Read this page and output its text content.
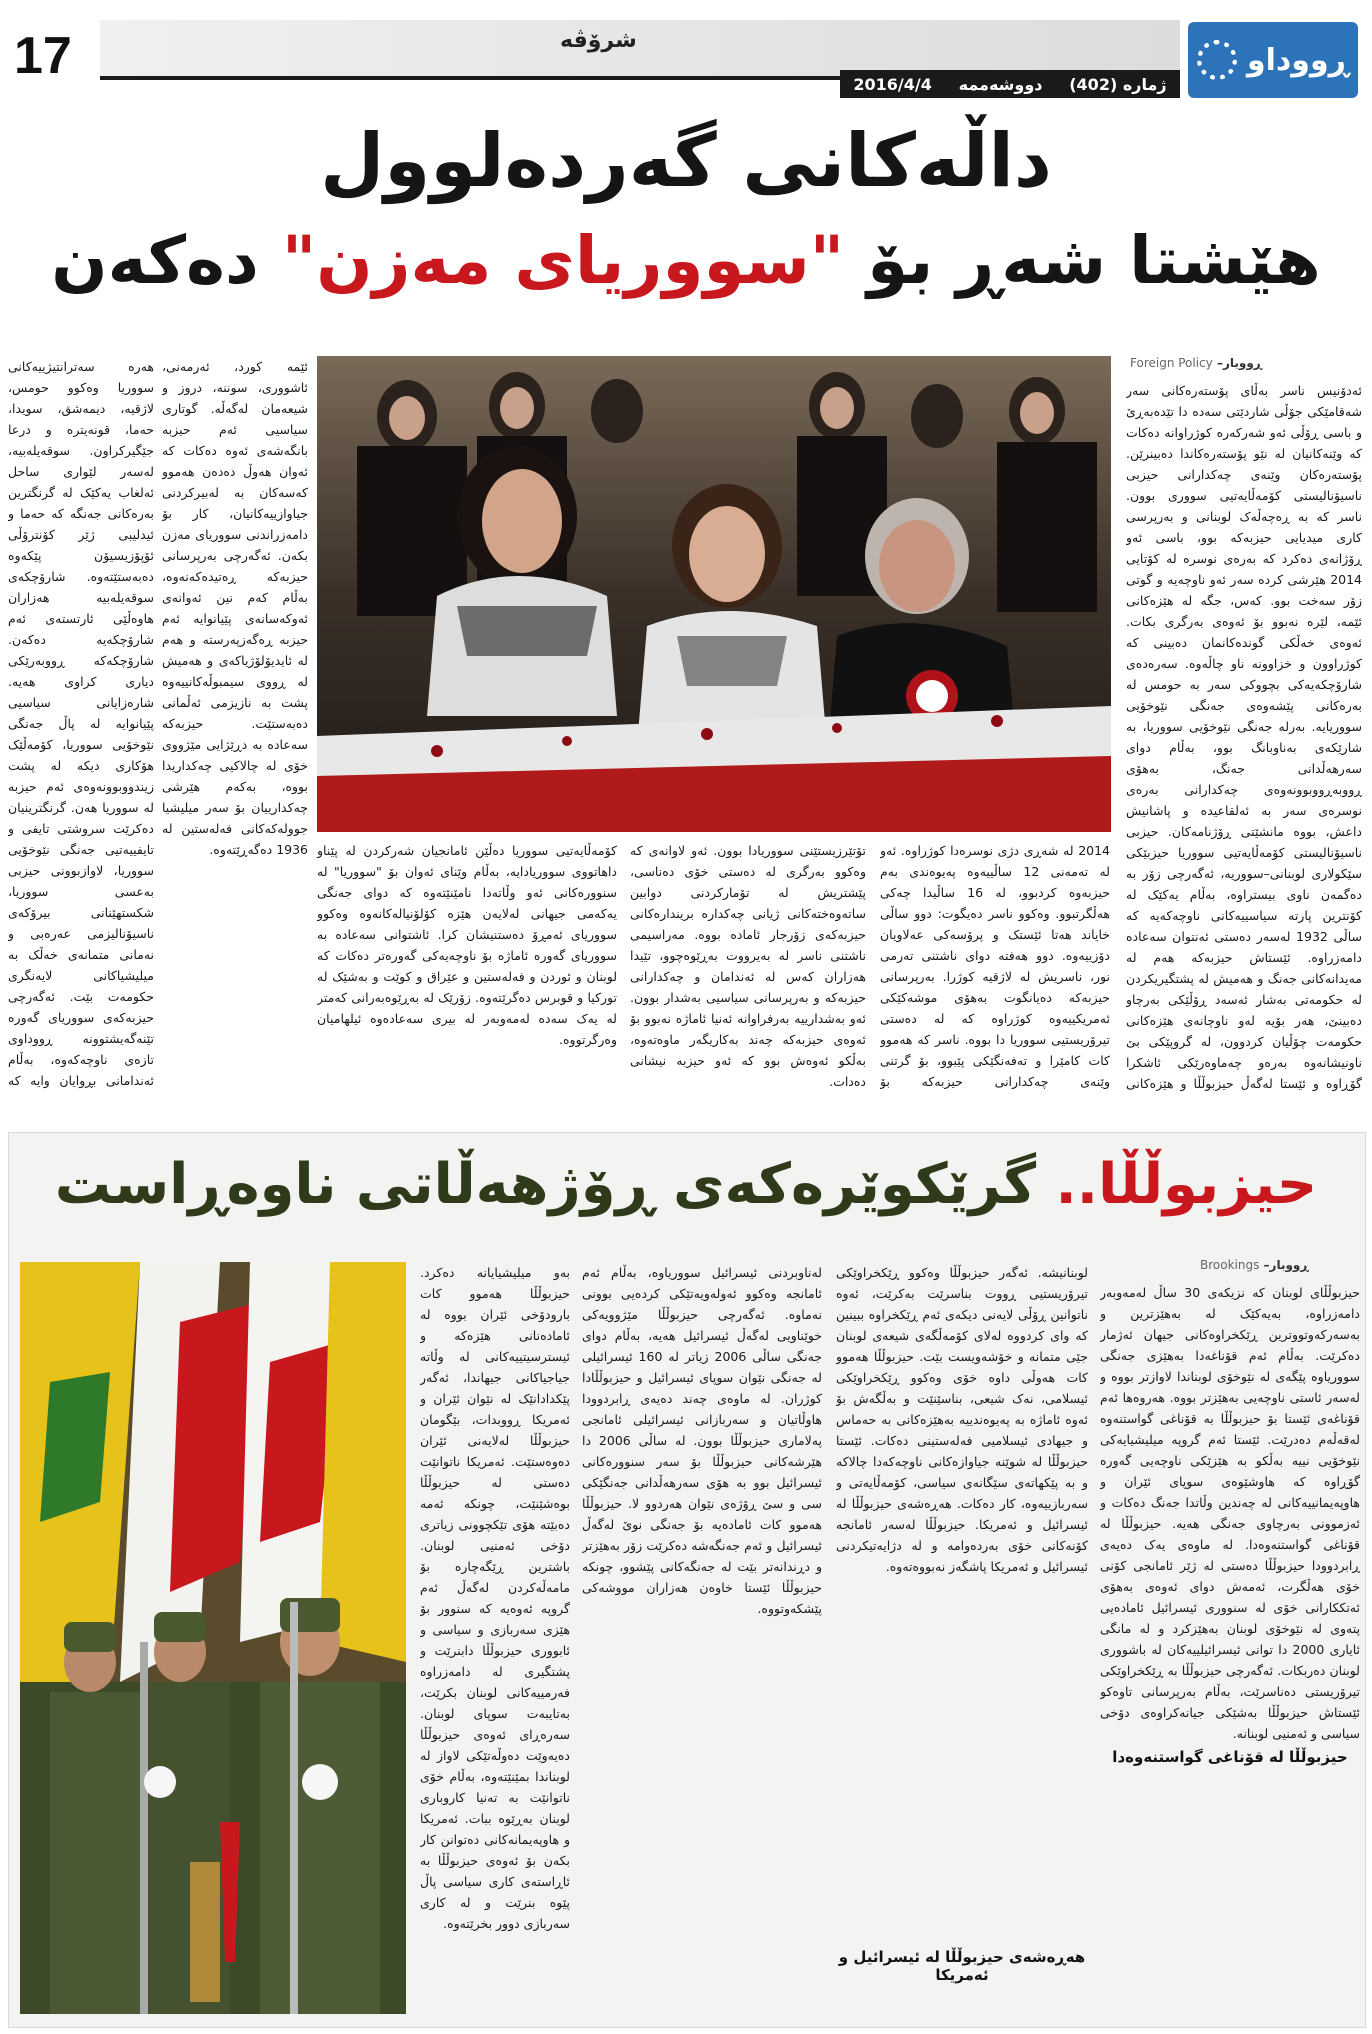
17	شرۆڤە
ژمارە (402)
دووشەممە
2016/4/4
ڕووداو
داڵەکانی گەردەلوول
هێشتا شەڕ بۆ "سووریای مەزن" دەکەن
ڕووبار– Foreign Policy
ئەدۆنیس ناسر بەڵای پۆستەرەکانی سەر شەقامێکی جۆڵی شاردێتی سەدە دا تێدەبەڕێ و باسی ڕۆڵی ئەو شەرکەرە کوژراوانە دەکات کە وێنەکانیان لە نێو پۆستەرەکاندا دەبینرێن. پۆستەرەکان وێنەی چەکدارانی حیزبی ناسیۆنالیستی کۆمەڵایەتیی سووری بوون. ناسر کە بە ڕەچەڵەک لوبنانی و بەرپرسی کاری میدیایی حیزبەکە بوو، باسی ئەو ڕۆژانەی دەکرد کە بەرەی نوسرە لە کۆتایی 2014 هێرشی کردە سەر ئەو ناوچەیە و گوتی زۆر سەخت بوو. کەس، جگە لە هێزەکانی ئێمە، لێرە نەبوو بۆ ئەوەی بەرگری بکات. ئەوەی خەڵکی گوندەکانمان دەبینی کە کوژراوون و خزاوونە ناو چاڵەوە. سەرەدەی شارۆچکەیەکی بچووکی سەر بە حومس لە بەرەکانی پێشەوەی جەنگی نێوخۆیی سووریایە. بەرلە جەنگی نێوخۆیی سووریا، بە شارێکەی بەناوبانگ بوو، بەڵام دوای سەرهەڵدانی جەنگ، بەهۆی ڕووبەڕووبوونەوەی چەکدارانی بەرەی نوسرەی سەر بە ئەلقاعیدە و پاشانیش داعش، بووە مانشێتی ڕۆژنامەکان. حیزبی ناسیۆنالیستی کۆمەڵایەتیی سووریا حیزبێکی سێکولاری لوبنانی–سووریە، ئەگەرچی زۆر بە دەگمەن ناوی بیستراوە، بەڵام یەکێک لە کۆنترین پارتە سیاسییەکانی ناوچەکەیە کە ساڵی 1932 لەسەر دەستی ئەنتوان سەعادە دامەزراوە. ئێستاش حیزبەکە هەم لە مەیدانەکانی جەنگ و هەمیش لە پشتگیریکردن لە حکومەتی بەشار ئەسەد ڕۆڵێکی بەرچاو دەبینێ، هەر بۆیە لەو ناوچانەی هێزەکانی حکومەت چۆڵیان کردوون، لە گروپێکی بێ ناونیشانەوە بەرەو چەماوەرێکی ئاشکرا گۆڕاوە و ئێستا لەگەڵ حیزبوڵڵا و هێزەکانی
2014 لە شەڕی دژی نوسرەدا کوژراوە. ئەو لە تەمەنی 12 ساڵییەوە پەیوەندی بەم حیزبەوە کردبوو، لە 16 ساڵیدا چەکی هەڵگرتبوو. وەکوو ناسر دەیگوت: دوو ساڵی خایاند هەتا ئێستک و پرۆسەکی عەلاویان دۆزییەوە. دوو هەفتە دوای ناشتنی تەرمی نور، ناسریش لە لاژقیە کوژرا. بەرپرسانی حیزبەکە دەیانگوت بەهۆی موشەکێکی ئەمریکییەوە کوژراوە کە لە دەستی تیرۆریستیی سووریا دا بووە. ناسر کە هەموو کات کامێرا و تەفەنگێکی پێبوو، بۆ گرتنی وێنەی چەکدارانی حیزبەکە بۆ
تۆتێرزیستێنی سووریادا بوون. ئەو لاوانەی کە وەکوو بەرگری لە دەستی خۆی دەناسی، پێشتریش لە تۆمارکردنی دوابین ساتەوەختەکانی ژیانی چەکدارە بریندارەکانی حیزبەکەی زۆرجار ئامادە بووە. مەراسیمی ناشتنی ناسر لە بەیرووت بەڕێوەچوو، تێیدا هەزاران کەس لە ئەندامان و چەکدارانی حیزبەکە و بەرپرسانی سیاسیی بەشدار بوون. ئەو بەشدارییە بەرفراوانە ئەنیا ئاماژە نەبوو بۆ ئەوەی حیزبەکە چەند بەکاریگەر ماوەتەوە، بەڵکو ئەوەش بوو کە ئەو حیزبە نیشانی دەدات.
کۆمەڵایەتیی سووریا دەڵێن ئامانجیان شەرکردن لە پێناو داهاتووی سووریادایە، بەڵام وێنای ئەوان بۆ "سووریا" لە سنوورەکانی ئەو وڵاتەدا نامێنێتەوە کە دوای جەنگی یەکەمی جیهانی لەلایەن هێزە کۆلۆنیالەکانەوە وەکوو سووریای ئەمڕۆ دەستنیشان کرا. ئاشتوانی سەعادە بە سووریای گەورە ئاماژە بۆ ناوچەیەکی گەورەتر دەکات کە لوبنان و ئوردن و فەلەستین و عێراق و کوێت و بەشێک لە تورکیا و قوبرس دەگرێتەوە. زۆرێک لە بەڕێوەبەرانی کەمتر لە یەک سەدە لەمەوبەر لە بیری سەعادەوە ئیلهامیان وەرگرتووە.
ئێمە کورد، ئەرمەنی، ئاشووری، سوننە، دروز و شیعەمان لەگەڵە. گوتاری سیاسیی ئەم حیزبە بانگەشەی ئەوە دەکات کە ئەوان هەوڵ دەدەن هەموو کەسەکان بە لەبیرکردنی جیاوازییەکانیان، کار بۆ دامەزراندنی سووریای مەزن بکەن. ئەگەرچی بەرپرسانی حیزبەکە ڕەتیدەکەنەوە، بەڵام کەم نین ئەوانەی ئەوکەسانەی پێیانوایە ئەم حیزبە ڕەگەزپەرستە و هەم لە ئایدیۆلۆژیاکەی و هەمیش لە ڕووی سیمبوڵەکانییەوە پشت بە نازیزمی ئەڵمانی دەبەستێت. حیزبەکە سەعادە بە دڕێژایی مێژووی خۆی لە چالاکیی چەکداریدا بووە، بەکەم هێرشی چەکدارییان بۆ سەر میلیشیا جوولەکەکانی فەلەستین لە 1936 دەگەڕێتەوە.
هەرە سەترانتیژییەکانی سووریا وەکوو حومس، لاژقیە، دیمەشق، سویدا، حەما، قونەیترە و درعا جێگیرکراون. سوقەیلەبیە، لەسەر لێواری ساحل ئەلغاب یەکێک لە گرنگترین بەرەکانی جەنگە کە حەما و ئیدلیبی ژێر کۆنترۆڵی ئۆپۆزیسیۆن پێکەوە دەبەستێتەوە. شارۆچکەی سوقەیلەبیە هەزاران هاوەڵێی ئارتستەی ئەم شارۆچکەیە دەکەن. شارۆچکەکە ڕووبەرێکی دیاری کراوی هەیە. شارەزایانی سیاسیی پێیانوایە لە پاڵ جەنگی نێوخۆیی سووریا، کۆمەڵێک هۆکاری دیکە لە پشت زیندووبوونەوەی ئەم حیزبە لە سووریا هەن. گرنگترینیان دەکرێت سروشتی تایفی و تایفییەتیی جەنگی نێوخۆیی سووریا، لاوازبوونی حیزبی بەعسی سووریا، شکستهێنانی بیرۆکەی ناسیۆنالیزمی عەرەبی و نەمانی متمانەی خەڵک بە میلیشیاکانی لایەنگری حکومەت بێت. ئەگەرچی حیزبەکەی سووریای گەورە تێنەگەیشتوونە ڕووداوی تازەی ناوچەکەوە، بەڵام ئەندامانی بڕوایان وایە کە
حیزبوڵڵا.. گرێکوێرەکەی ڕۆژهەڵاتی ناوەڕاست
ڕووبار– Brookings
حیزبوڵڵای لوبنان کە نزیکەی 30 ساڵ لەمەوبەر دامەزراوە، بەیەکێک لە بەهێزترین و بەسەرکەوتووترین ڕێکخراوەکانی جیهان ئەژمار دەکرێت. بەڵام ئەم قۆناغەدا بەهێزی جەنگی سووریاوە پێگەی لە نێوخۆی لوبناندا لاوازتر بووە و لەسەر ئاستی ناوچەیی بەهێزتر بووە. هەروەها ئەم قۆناغەی ئێستا بۆ حیزبوڵڵا بە قۆناغی گواستنەوە لەقەڵەم دەدرێت. ئێستا ئەم گروپە میلیشیایەکی نێوخۆیی نییە بەڵکو بە هێزێکی ناوچەیی گەورە گۆڕاوە کە هاوشێوەی سوپای ئێران و هاوپەیمانییەکانی لە چەندین وڵاتدا جەنگ دەکات و ئەزموونی بەرچاوی جەنگی هەیە. حیزبوڵڵا لە قۆناغی گواستنەوەدا. لە ماوەی یەک دەیەی ڕابردوودا حیزبوڵڵا دەستی لە ژێر ئامانجی کۆنی خۆی هەڵگرت، ئەمەش دوای ئەوەی بەهۆی ئەتککارانی خۆی لە سنووری ئیسرائیل ئامادەیی پتەوی لە نێوخۆی لوبنان بەهێزکرد و لە مانگی ئایاری 2000 دا توانی ئیسرائیلییەکان لە باشووری لوبنان دەربکات. ئەگەرچی حیزبوڵڵا بە ڕێکخراوێکی تیرۆریستی دەناسرێت، بەڵام بەرپرسانی تاوەکو ئێستاش حیزبوڵڵا بەشێکی جیانەکراوەی دۆخی سیاسی و ئەمنیی لوبنانە.
حیزبوڵڵا لە قۆناغی گواستنەوەدا
لوبنانیشە. ئەگەر حیزبوڵڵا وەکوو ڕێکخراوێکی تیرۆریستیی ڕووت بناسرێت بەکرێت، ئەوە ناتوانین ڕۆڵی لایەنی دیکەی ئەم ڕێکخراوە ببینین کە وای کردووە لەلای کۆمەڵگەی شیعەی لوبنان جێی متمانە و خۆشەویست بێت. حیزبوڵڵا هەموو کات هەوڵی داوە خۆی وەکوو ڕێکخراوێکی ئیسلامی، نەک شیعی، بناسێنێت و بەڵگەش بۆ ئەوە ئاماژە بە پەیوەندییە بەهێزەکانی بە حەماس و جیهادی ئیسلامیی فەلەستینی دەکات. ئێستا حیزبوڵڵا لە شوێنە جیاوازەکانی ناوچەکەدا چالاکە و بە پێکهاتەی سێگانەی سیاسی، کۆمەڵایەتی و سەربازییەوە، کار دەکات. هەڕەشەی حیزبوڵڵا لە ئیسرائیل و ئەمریکا. حیزبوڵڵا لەسەر ئامانجە کۆنەکانی خۆی بەردەوامە و لە دژایەتیکردنی ئیسرائیل و ئەمریکا پاشگەز نەبووەتەوە.
هەڕەشەی حیزبوڵڵا لە ئیسرائیل و ئەمریکا
لەناوبردنی ئیسرائیل سووریاوە، بەڵام ئەم ئامانجە وەکوو ئەولەویەتێکی کردەیی بوونی نەماوە. ئەگەرچی حیزبوڵڵا مێژوویەکی خوێناویی لەگەڵ ئیسرائیل هەیە، بەڵام دوای جەنگی ساڵی 2006 زیاتر لە 160 ئیسرائیلی لە جەنگی نێوان سوپای ئیسرائیل و حیزبوڵڵادا کوژران. لە ماوەی چەند دەیەی ڕابردوودا هاوڵاتیان و سەربازانی ئیسرائیلی ئامانجی پەلاماری حیزبوڵڵا بوون. لە ساڵی 2006 دا هێرشەکانی حیزبوڵڵا بۆ سەر سنوورەکانی ئیسرائیل بوو بە هۆی سەرهەڵدانی جەنگێکی سی و سێ ڕۆژەی نێوان هەردوو لا. حیزبوڵڵا هەموو کات ئامادەیە بۆ جەنگی نوێ لەگەڵ ئیسرائیل و ئەم جەنگەشە دەکرێت زۆر بەهێزتر و دڕندانەتر بێت لە جەنگەکانی پێشوو، چونکە حیزبوڵڵا ئێستا خاوەن هەزاران مووشەکی پێشکەوتووە.
بەو میلیشیایانە دەکرد. حیزبوڵڵا هەموو کات بارودۆخی ئێران بووە لە ئامادەنانی هێزەکە و ئیسترسیتییەکانی لە وڵاتە جیاجیاکانی جیهاندا، ئەگەر پێکدادانێک لە نێوان ئێران و ئەمریکا ڕووبدات، بێگومان حیزبوڵڵا لەلایەنی ئێران دەوەستێت. ئەمریکا ناتوانێت دەستی لە حیزبوڵڵا بوەشێنێت، چونکە ئەمە دەبێتە هۆی تێکچوونی زیاتری دۆخی ئەمنیی لوبنان. باشترین ڕێگەچارە بۆ مامەڵەکردن لەگەڵ ئەم گروپە ئەوەیە کە سنوور بۆ هێزی سەربازی و سیاسی و ئابووری حیزبوڵڵا دابنرێت و پشتگیری لە دامەزراوە فەرمییەکانی لوبنان بکرێت، بەتایبەت سوپای لوبنان. سەرەڕای ئەوەی حیزبوڵڵا دەیەوێت دەوڵەتێکی لاواز لە لوبناندا بمێنێتەوە، بەڵام خۆی ناتوانێت بە تەنیا کاروباری لوبنان بەڕێوە ببات. ئەمریکا و هاوپەیمانەکانی دەتوانن کار بکەن بۆ ئەوەی حیزبوڵڵا بە ئاڕاستەی کاری سیاسی پاڵ پێوە بنرێت و لە کاری سەربازی دوور بخرێتەوە.
